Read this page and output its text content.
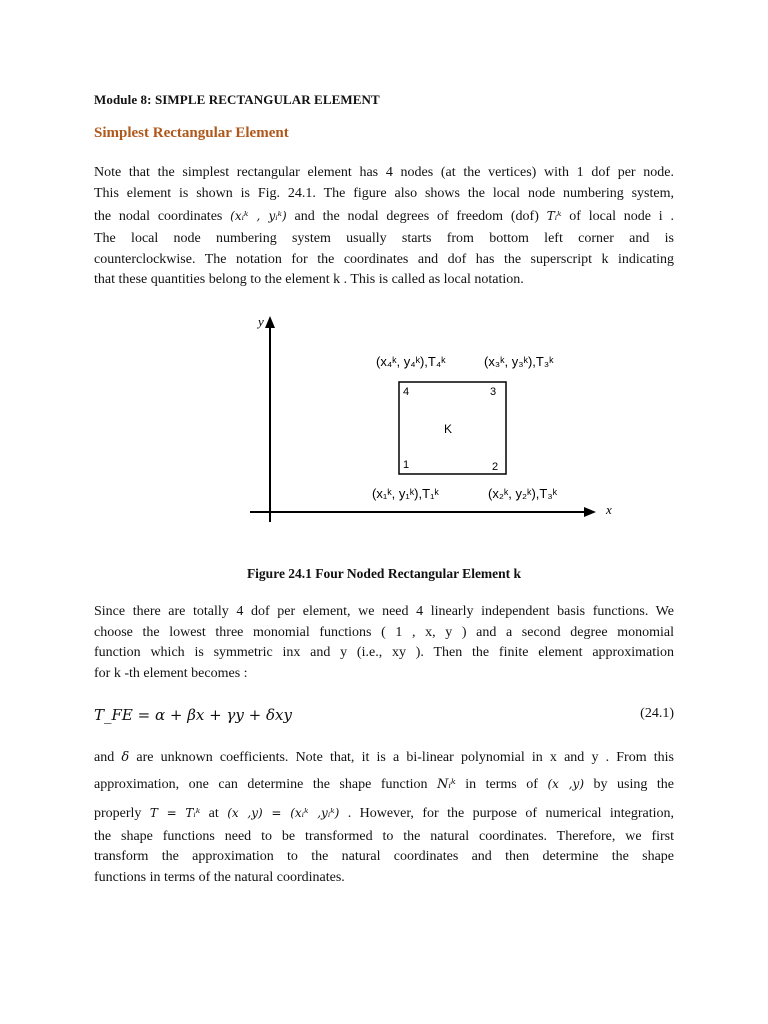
Module 8: SIMPLE RECTANGULAR ELEMENT
Simplest Rectangular Element
Note that the simplest rectangular element has 4 nodes (at the vertices) with 1 dof per node.
This element is shown is Fig. 24.1. The figure also shows the local node numbering system,
the nodal coordinates (xᵢᵏ , yᵢᵏ) and the nodal degrees of freedom (dof) Tᵢᵏ of local node i .
The local node numbering system usually starts from bottom left corner and is
counterclockwise. The notation for the coordinates and dof has the superscript k indicating
that these quantities belong to the element k . This is called as local notation.
y
x
K
4	3
1	2
(x₄ᵏ, y₄ᵏ),T₄ᵏ	(x₃ᵏ, y₃ᵏ),T₃ᵏ
(x₁ᵏ, y₁ᵏ),T₁ᵏ	(x₂ᵏ, y₂ᵏ),T₃ᵏ
Figure 24.1 Four Noded Rectangular Element k
Since there are totally 4 dof per element, we need 4 linearly independent basis functions. We
choose the lowest three monomial functions ( 1 , x, y ) and a second degree monomial
function which is symmetric inx and y (i.e., xy ). Then the finite element approximation
for k -th element becomes :
T_FE = α + βx + γy + δxy	(24.1)
and δ are unknown coefficients. Note that, it is a bi-linear polynomial in x and y . From this
approximation, one can determine the shape function Nᵢᵏ in terms of (x ,y) by using the
properly T = Tᵢᵏ at (x ,y) = (xᵢᵏ ,yᵢᵏ) . However, for the purpose of numerical integration,
the shape functions need to be transformed to the natural coordinates. Therefore, we first
transform the approximation to the natural coordinates and then determine the shape
functions in terms of the natural coordinates.
